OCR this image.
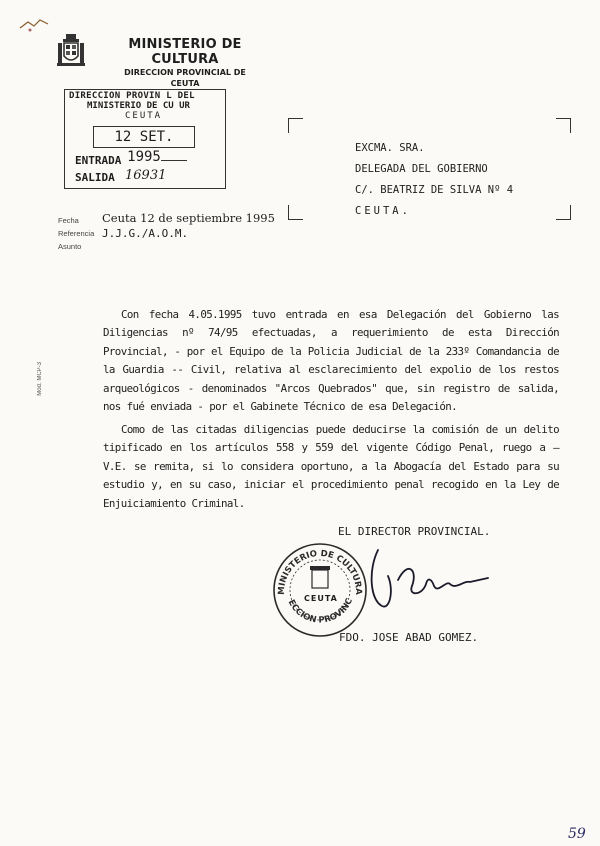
MINISTERIO DE CULTURA
DIRECCION PROVINCIAL DE
CEUTA
DIRECCION PROVIN L DEL
MINISTERIO DE CU UR
CEUTA
12 SET. 1995
ENTRADA
SALIDA 16931
EXCMA. SRA.
DELEGADA DEL GOBIERNO
C/. BEATRIZ DE SILVA Nº 4
CEUTA.
Fecha
Referencia
Asunto
Ceuta 12 de septiembre 1995
J.J.G./A.O.M.
Mod. MCP-3
Con fecha 4.05.1995 tuvo entrada en esa Delegación del Gobierno las Diligencias nº 74/95 efectuadas, a requerimiento de esta Dirección Provincial, - por el Equipo de la Policia Judicial de la 233º Comandancia de la Guardia -- Civil, relativa al esclarecimiento del expolio de los restos arqueológicos - denominados "Arcos Quebrados" que, sin registro de salida, nos fué enviada - por el Gabinete Técnico de esa Delegación.
Como de las citadas diligencias puede deducirse la comisión de un delito tipificado en los artículos 558 y 559 del vigente Código Penal, ruego a — V.E. se remita, si lo considera oportuno, a la Abogacía del Estado para su estudio y, en su caso, iniciar el procedimiento penal recogido en la Ley de Enjuiciamiento Criminal.
EL DIRECTOR PROVINCIAL.
MINISTERIO DE CULTURA
ECCION PROVINC
CEUTA
FDO. JOSE ABAD GOMEZ.
59
